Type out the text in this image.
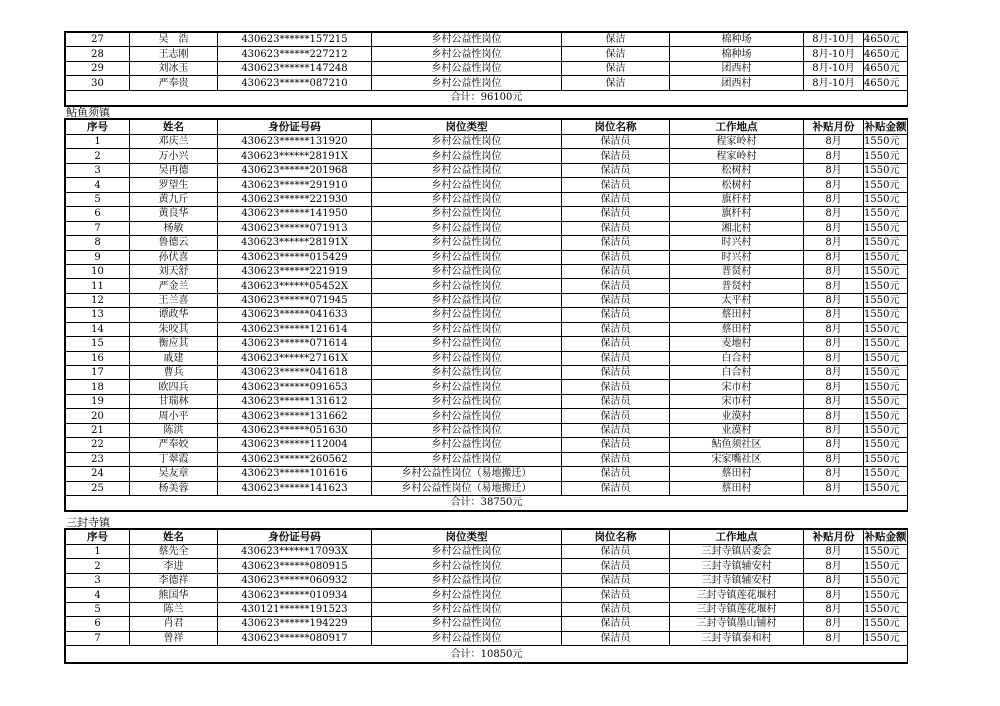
27	吴　浩	430623******157215	乡村公益性岗位	保洁	棉种场	8月-10月	4650元
28	王志刚	430623******227212	乡村公益性岗位	保洁	棉种场	8月-10月	4650元
29	刘冰玉	430623******147248	乡村公益性岗位	保洁	团西村	8月-10月	4650元
30	严奉贵	430623******087210	乡村公益性岗位	保洁	团西村	8月-10月	4650元
合计：96100元							
鲇鱼须镇
序号	姓名	身份证号码	岗位类型	岗位名称	工作地点	补贴月份	补贴金额
1	邓庆兰	430623******131920	乡村公益性岗位	保洁员	程家岭村	8月	1550元
2	万小兴	430623******28191X	乡村公益性岗位	保洁员	程家岭村	8月	1550元
3	吴再德	430623******201968	乡村公益性岗位	保洁员	松树村	8月	1550元
4	罗望生	430623******291910	乡村公益性岗位	保洁员	松树村	8月	1550元
5	黄九斤	430623******221930	乡村公益性岗位	保洁员	旗杆村	8月	1550元
6	黄良华	430623******141950	乡村公益性岗位	保洁员	旗杆村	8月	1550元
7	杨敏	430623******071913	乡村公益性岗位	保洁员	湘北村	8月	1550元
8	鲁德云	430623******28191X	乡村公益性岗位	保洁员	时兴村	8月	1550元
9	孙伏喜	430623******015429	乡村公益性岗位	保洁员	时兴村	8月	1550元
10	刘天舒	430623******221919	乡村公益性岗位	保洁员	普贤村	8月	1550元
11	严金兰	430623******05452X	乡村公益性岗位	保洁员	普贤村	8月	1550元
12	王兰喜	430623******071945	乡村公益性岗位	保洁员	太平村	8月	1550元
13	谭政华	430623******041633	乡村公益性岗位	保洁员	蔡田村	8月	1550元
14	朱咬其	430623******121614	乡村公益性岗位	保洁员	蔡田村	8月	1550元
15	衡应其	430623******071614	乡村公益性岗位	保洁员	麦地村	8月	1550元
16	戚建	430623******27161X	乡村公益性岗位	保洁员	白合村	8月	1550元
17	曹兵	430623******041618	乡村公益性岗位	保洁员	白合村	8月	1550元
18	欧四兵	430623******091653	乡村公益性岗位	保洁员	宋市村	8月	1550元
19	甘瑞林	430623******131612	乡村公益性岗位	保洁员	宋市村	8月	1550元
20	周小平	430623******131662	乡村公益性岗位	保洁员	业漠村	8月	1550元
21	陈洪	430623******051630	乡村公益性岗位	保洁员	业漠村	8月	1550元
22	严奉姣	430623******112004	乡村公益性岗位	保洁员	鲇鱼须社区	8月	1550元
23	丁翠霞	430623******260562	乡村公益性岗位	保洁员	宋家嘴社区	8月	1550元
24	吴友章	430623******101616	乡村公益性岗位（易地搬迁）	保洁员	蔡田村	8月	1550元
25	杨美蓉	430623******141623	乡村公益性岗位（易地搬迁）	保洁员	蔡田村	8月	1550元
合计：38750元							
三封寺镇
序号	姓名	身份证号码	岗位类型	岗位名称	工作地点	补贴月份	补贴金额
1	蔡先全	430623******17093X	乡村公益性岗位	保洁员	三封寺镇居委会	8月	1550元
2	李进	430623******080915	乡村公益性岗位	保洁员	三封寺镇辅安村	8月	1550元
3	李德祥	430623******060932	乡村公益性岗位	保洁员	三封寺镇辅安村	8月	1550元
4	熊国华	430623******010934	乡村公益性岗位	保洁员	三封寺镇莲花堰村	8月	1550元
5	陈兰	430121******191523	乡村公益性岗位	保洁员	三封寺镇莲花堰村	8月	1550元
6	肖君	430623******194229	乡村公益性岗位	保洁员	三封寺镇墨山铺村	8月	1550元
7	曾祥	430623******080917	乡村公益性岗位	保洁员	三封寺镇泰和村	8月	1550元
合计：10850元							
